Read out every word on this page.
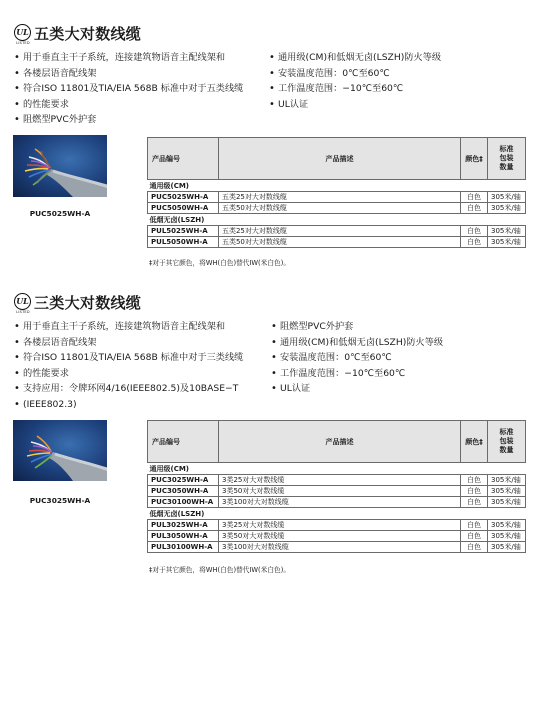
UL
LISTED 五类大对数线缆
• 用于垂直主干子系统，连接建筑物语音主配线架和
• 各楼层语音配线架
• 符合ISO 11801及TIA/EIA 568B 标准中对于五类线缆
• 的性能要求
• 阻燃型PVC外护套
• 通用级(CM)和低烟无卤(LSZH)防火等级
• 安装温度范围：0℃至60℃
• 工作温度范围：−10℃至60℃
• UL认证
PUC5025WH-A
产品编号	产品描述	颜色‡	标准
包装
数量
通用级(CM)			
PUC5025WH-A	五类25对大对数线缆	白色	305米/轴
PUC5050WH-A	五类50对大对数线缆	白色	305米/轴
低烟无卤(LSZH)			
PUL5025WH-A	五类25对大对数线缆	白色	305米/轴
PUL5050WH-A	五类50对大对数线缆	白色	305米/轴
‡对于其它颜色，将WH(白色)替代IW(米白色)。
UL
LISTED 三类大对数线缆
• 用于垂直主干子系统，连接建筑物语音主配线架和
• 各楼层语音配线架
• 符合ISO 11801及TIA/EIA 568B 标准中对于三类线缆
• 的性能要求
• 支持应用：令牌环网4/16(IEEE802.5)及10BASE−T
• (IEEE802.3)
• 阻燃型PVC外护套
• 通用级(CM)和低烟无卤(LSZH)防火等级
• 安装温度范围：0℃至60℃
• 工作温度范围：−10℃至60℃
• UL认证
PUC3025WH-A
产品编号	产品描述	颜色‡	标准
包装
数量
通用级(CM)			
PUC3025WH-A	3类25对大对数线缆	白色	305米/轴
PUC3050WH-A	3类50对大对数线缆	白色	305米/轴
PUC30100WH-A	3类100对大对数线缆	白色	305米/轴
低烟无卤(LSZH)			
PUL3025WH-A	3类25对大对数线缆	白色	305米/轴
PUL3050WH-A	3类50对大对数线缆	白色	305米/轴
PUL30100WH-A	3类100对大对数线缆	白色	305米/轴
‡对于其它颜色，将WH(白色)替代IW(米白色)。
